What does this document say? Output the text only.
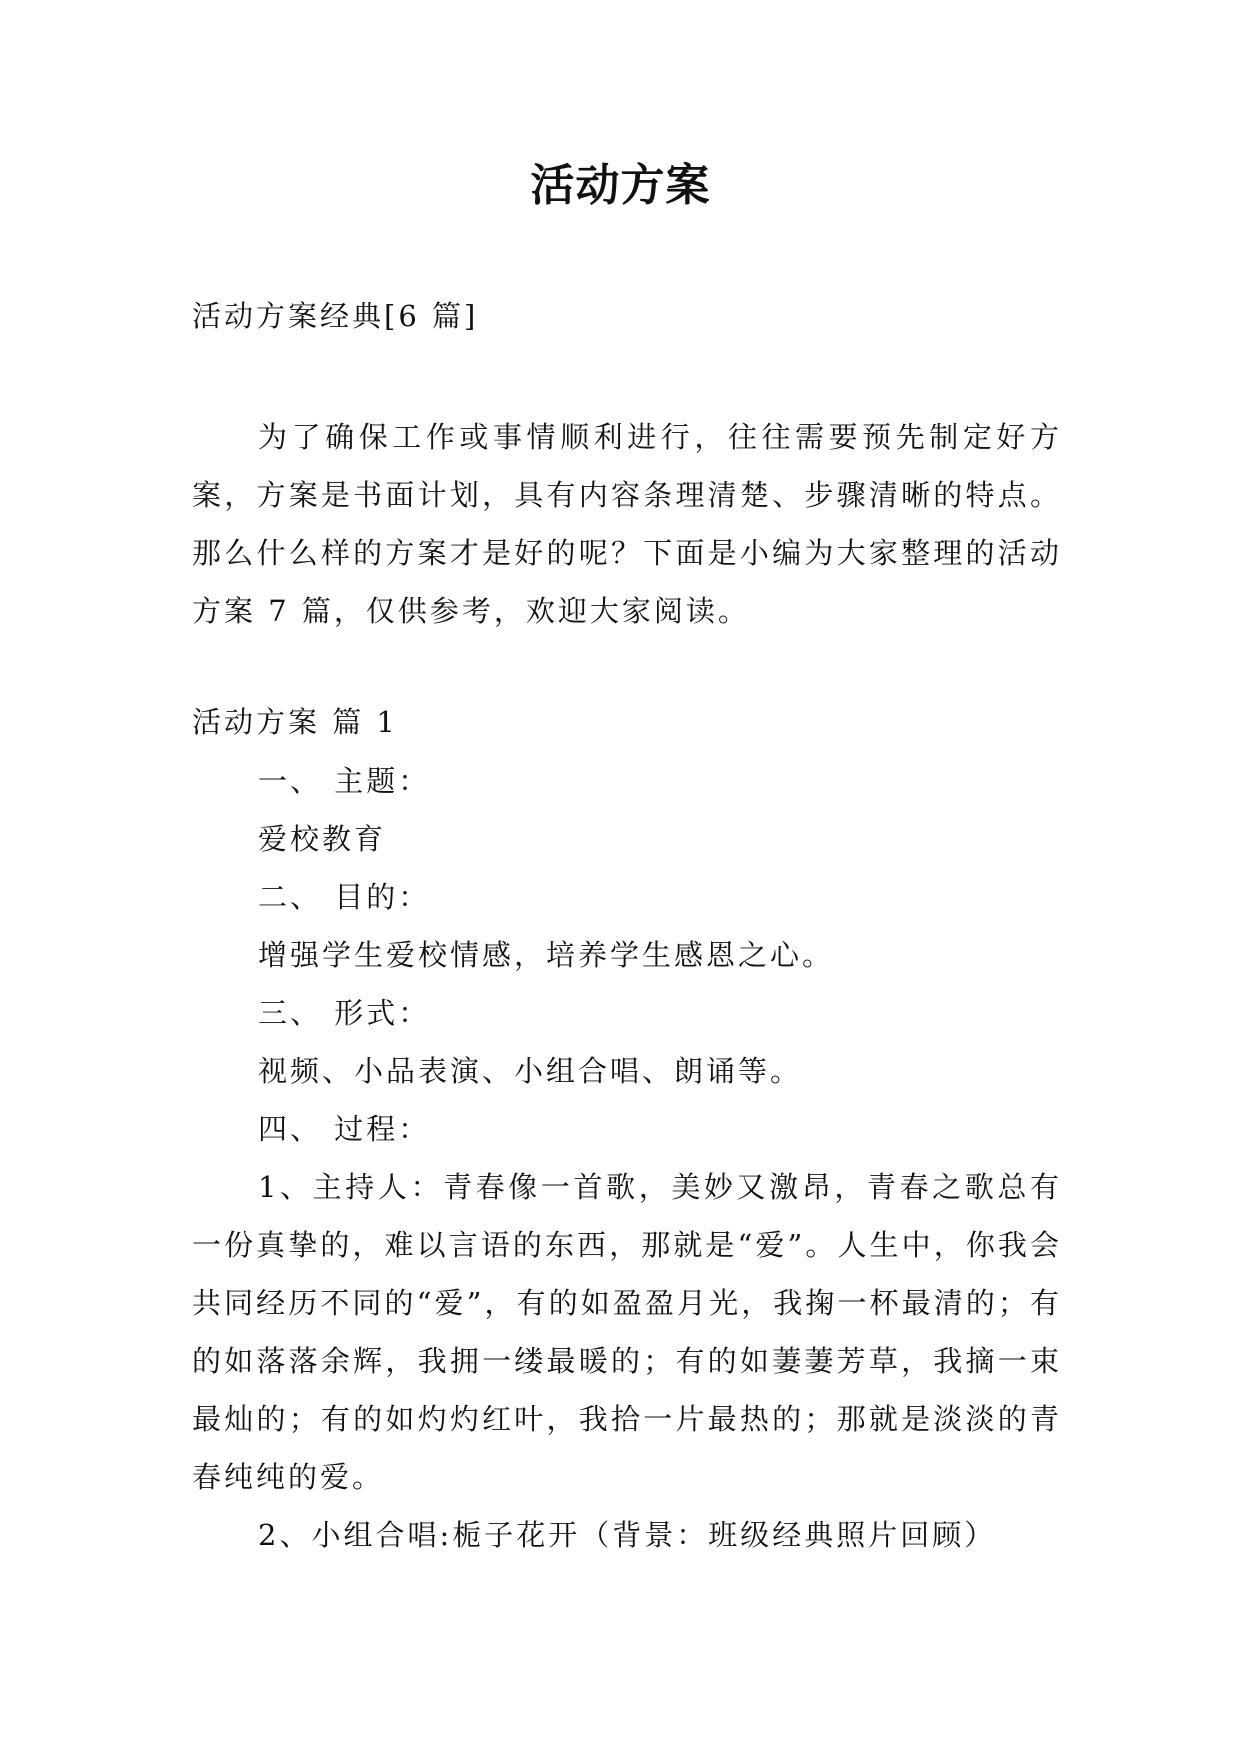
活动方案
活动方案经典[6 篇]
为了确保工作或事情顺利进行，往往需要预先制定好方案，方案是书面计划，具有内容条理清楚、步骤清晰的特点。那么什么样的方案才是好的呢？下面是小编为大家整理的活动方案 7 篇，仅供参考，欢迎大家阅读。
活动方案 篇 1
一、 主题：
爱校教育
二、 目的：
增强学生爱校情感，培养学生感恩之心。
三、 形式：
视频、小品表演、小组合唱、朗诵等。
四、 过程：
1、主持人：青春像一首歌，美妙又激昂，青春之歌总有一份真挚的，难以言语的东西，那就是“爱”。人生中，你我会共同经历不同的“爱”，有的如盈盈月光，我掬一杯最清的；有的如落落余辉，我拥一缕最暖的；有的如萋萋芳草，我摘一束最灿的；有的如灼灼红叶，我拾一片最热的；那就是淡淡的青春纯纯的爱。
2、小组合唱:栀子花开（背景：班级经典照片回顾）
